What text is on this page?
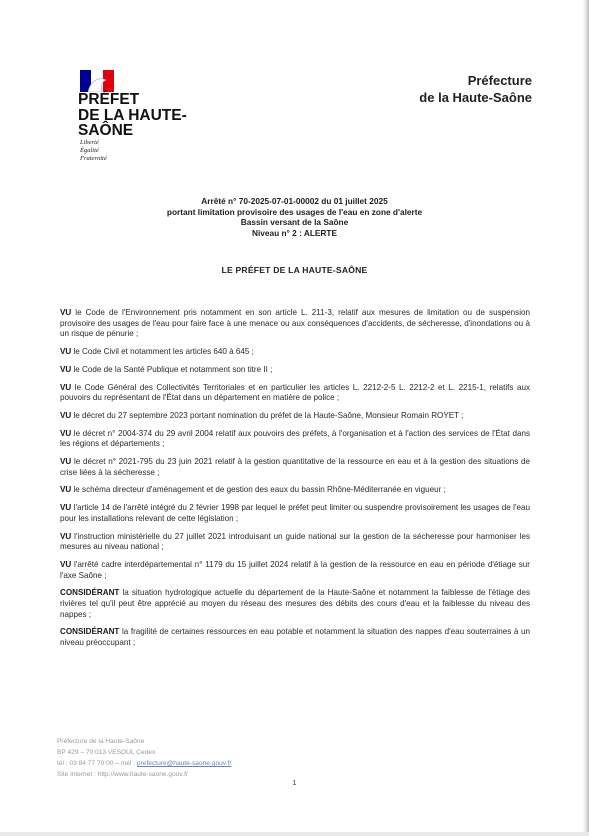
PRÉFET
DE LA HAUTE-
SAÔNE
Liberté
Égalité
Fraternité
Préfecture
de la Haute-Saône
Arrêté n° 70-2025-07-01-00002 du 01 juillet 2025
portant limitation provisoire des usages de l'eau en zone d'alerte
Bassin versant de la Saône
Niveau n° 2 : ALERTE
LE PRÉFET DE LA HAUTE-SAÔNE

VU le Code de l'Environnement pris notamment en son article L. 211-3, relatif aux mesures de limitation ou de suspension provisoire des usages de l'eau pour faire face à une menace ou aux conséquences d'accidents, de sécheresse, d'inondations ou à un risque de pénurie ;

VU le Code Civil et notamment les articles 640 à 645 ;

VU le Code de la Santé Publique et notamment son titre II ;

VU le Code Général des Collectivités Territoriales et en particulier les articles L. 2212-2-5 L. 2212-2 et L. 2215-1, relatifs aux pouvoirs du représentant de l'État dans un département en matière de police ;

VU le décret du 27 septembre 2023 portant nomination du préfet de la Haute-Saône, Monsieur Romain ROYET ;

VU le décret n° 2004-374 du 29 avril 2004 relatif aux pouvoirs des préfets, à l'organisation et à l'action des services de l'État dans les régions et départements ;

VU le décret n° 2021-795 du 23 juin 2021 relatif à la gestion quantitative de la ressource en eau et à la gestion des situations de crise liées à la sécheresse ;

VU le schéma directeur d'aménagement et de gestion des eaux du bassin Rhône-Méditerranée en vigueur ;

VU l'article 14 de l'arrêté intégré du 2 février 1998 par lequel le préfet peut limiter ou suspendre provisoirement les usages de l'eau pour les installations relevant de cette législation ;

VU l'instruction ministérielle du 27 juillet 2021 introduisant un guide national sur la gestion de la sécheresse pour harmoniser les mesures au niveau national ;

VU l'arrêté cadre interdépartemental n° 1179 du 15 juillet 2024 relatif à la gestion de la ressource en eau en période d'étiage sur l'axe Saône ;

CONSIDÉRANT la situation hydrologique actuelle du département de la Haute-Saône et notamment la faiblesse de l'étiage des rivières tel qu'il peut être apprécié au moyen du réseau des mesures des débits des cours d'eau et la faiblesse du niveau des nappes ;

CONSIDÉRANT la fragilité de certaines ressources en eau potable et notamment la situation des nappes d'eau souterraines à un niveau préoccupant ;

Préfecture de la Haute-Saône
BP 429 – 70 013 VESOUL Cedex
tél : 03 84 77 70 00 – mél : prefecture@haute-saone.gouv.fr
Site internet : http://www.haute-saone.gouv.fr
1
